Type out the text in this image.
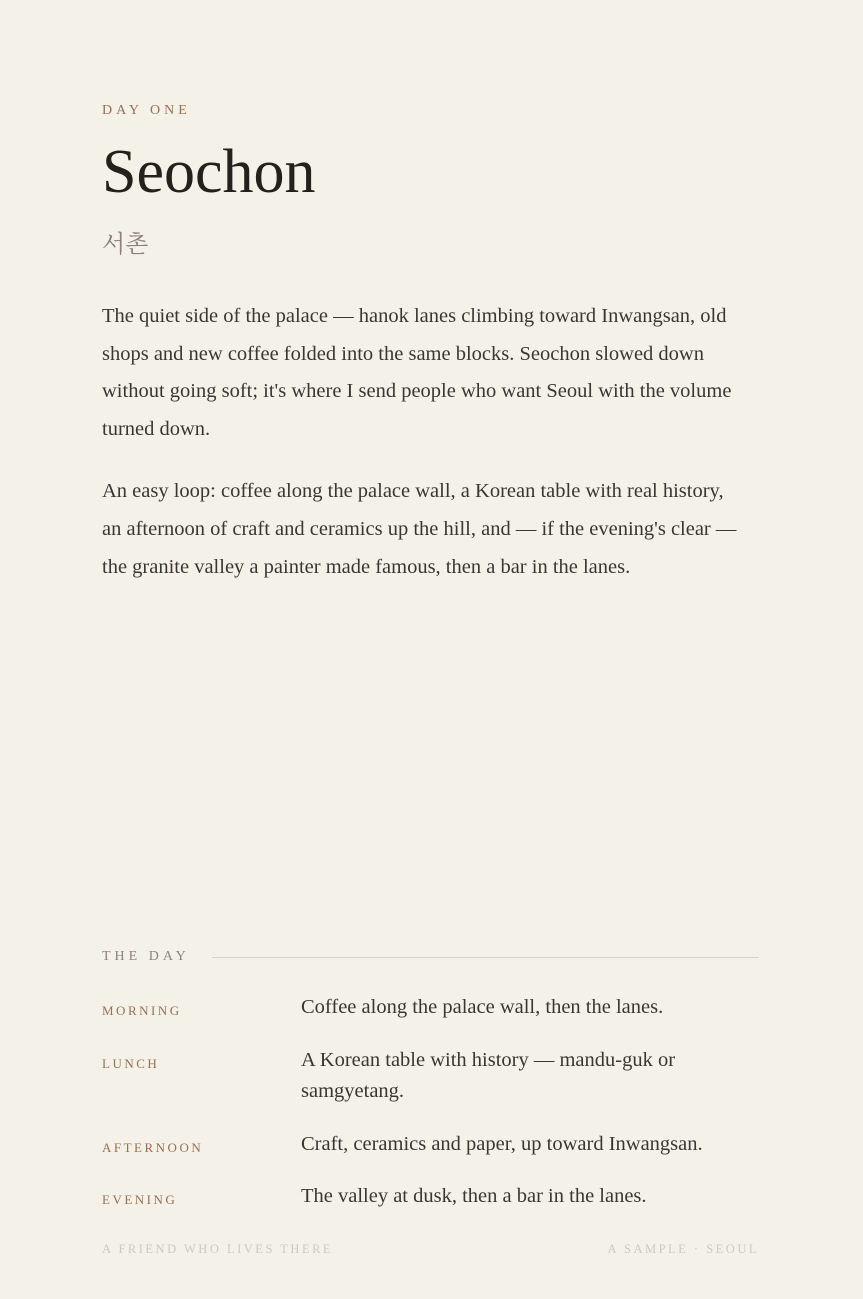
DAY ONE
Seochon
서촌

The quiet side of the palace — hanok lanes climbing toward Inwangsan, old shops and new coffee folded into the same blocks. Seochon slowed down without going soft; it's where I send people who want Seoul with the volume turned down.

An easy loop: coffee along the palace wall, a Korean table with real history, an afternoon of craft and ceramics up the hill, and — if the evening's clear — the granite valley a painter made famous, then a bar in the lanes.

THE DAY
MORNING	Coffee along the palace wall, then the lanes.
LUNCH	A Korean table with history — mandu-guk or samgyetang.
AFTERNOON	Craft, ceramics and paper, up toward Inwangsan.
EVENING	The valley at dusk, then a bar in the lanes.
A FRIEND WHO LIVES THERE	A SAMPLE · SEOUL
